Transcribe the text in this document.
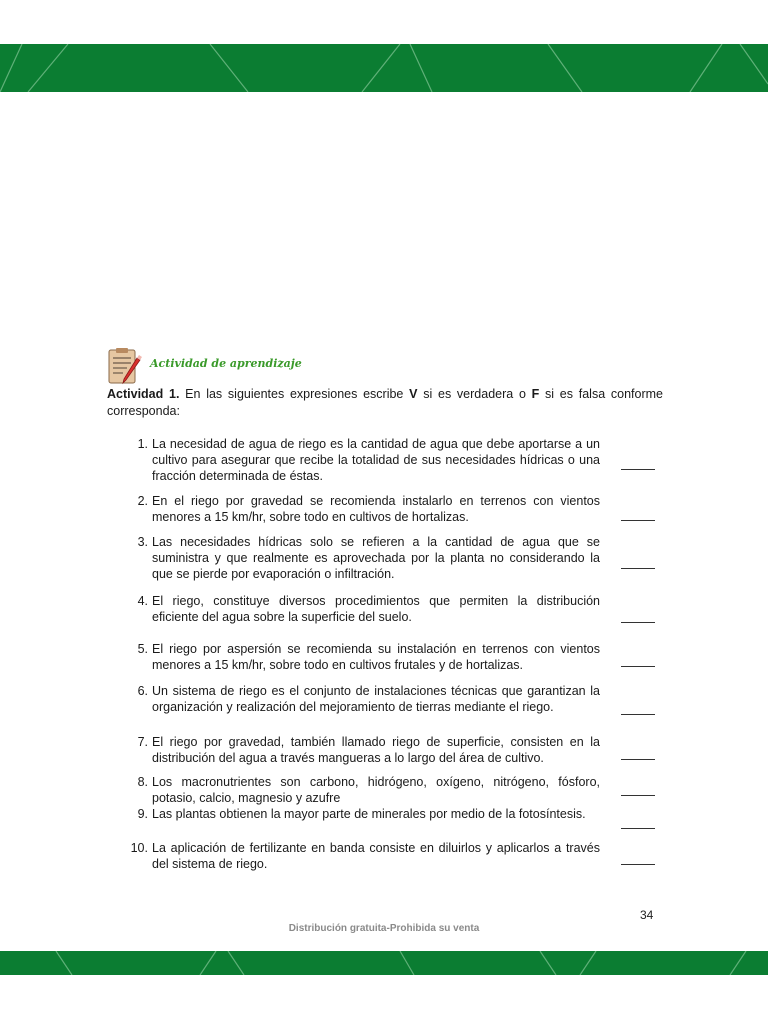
Actividad de aprendizaje
Actividad 1. En las siguientes expresiones escribe V si es verdadera o F si es falsa conforme corresponda:
1. La necesidad de agua de riego es la cantidad de agua que debe aportarse a un cultivo para asegurar que recibe la totalidad de sus necesidades hídricas o una fracción determinada de éstas.
2. En el riego por gravedad se recomienda instalarlo en terrenos con vientos menores a 15 km/hr, sobre todo en cultivos de hortalizas.
3. Las necesidades hídricas solo se refieren a la cantidad de agua que se suministra y que realmente es aprovechada por la planta no considerando la que se pierde por evaporación o infiltración.
4. El riego, constituye diversos procedimientos que permiten la distribución eficiente del agua sobre la superficie del suelo.
5. El riego por aspersión se recomienda su instalación en terrenos con vientos menores a 15 km/hr, sobre todo en cultivos frutales y de hortalizas.
6. Un sistema de riego es el conjunto de instalaciones técnicas que garantizan la organización y realización del mejoramiento de tierras mediante el riego.
7. El riego por gravedad, también llamado riego de superficie, consisten en la distribución del agua a través mangueras a lo largo del área de cultivo.
8. Los macronutrientes son carbono, hidrógeno, oxígeno, nitrógeno, fósforo, potasio, calcio, magnesio y azufre
9. Las plantas obtienen la mayor parte de minerales por medio de la fotosíntesis.
10. La aplicación de fertilizante en banda consiste en diluirlos y aplicarlos a través del sistema de riego.
34
Distribución gratuita-Prohibida su venta
